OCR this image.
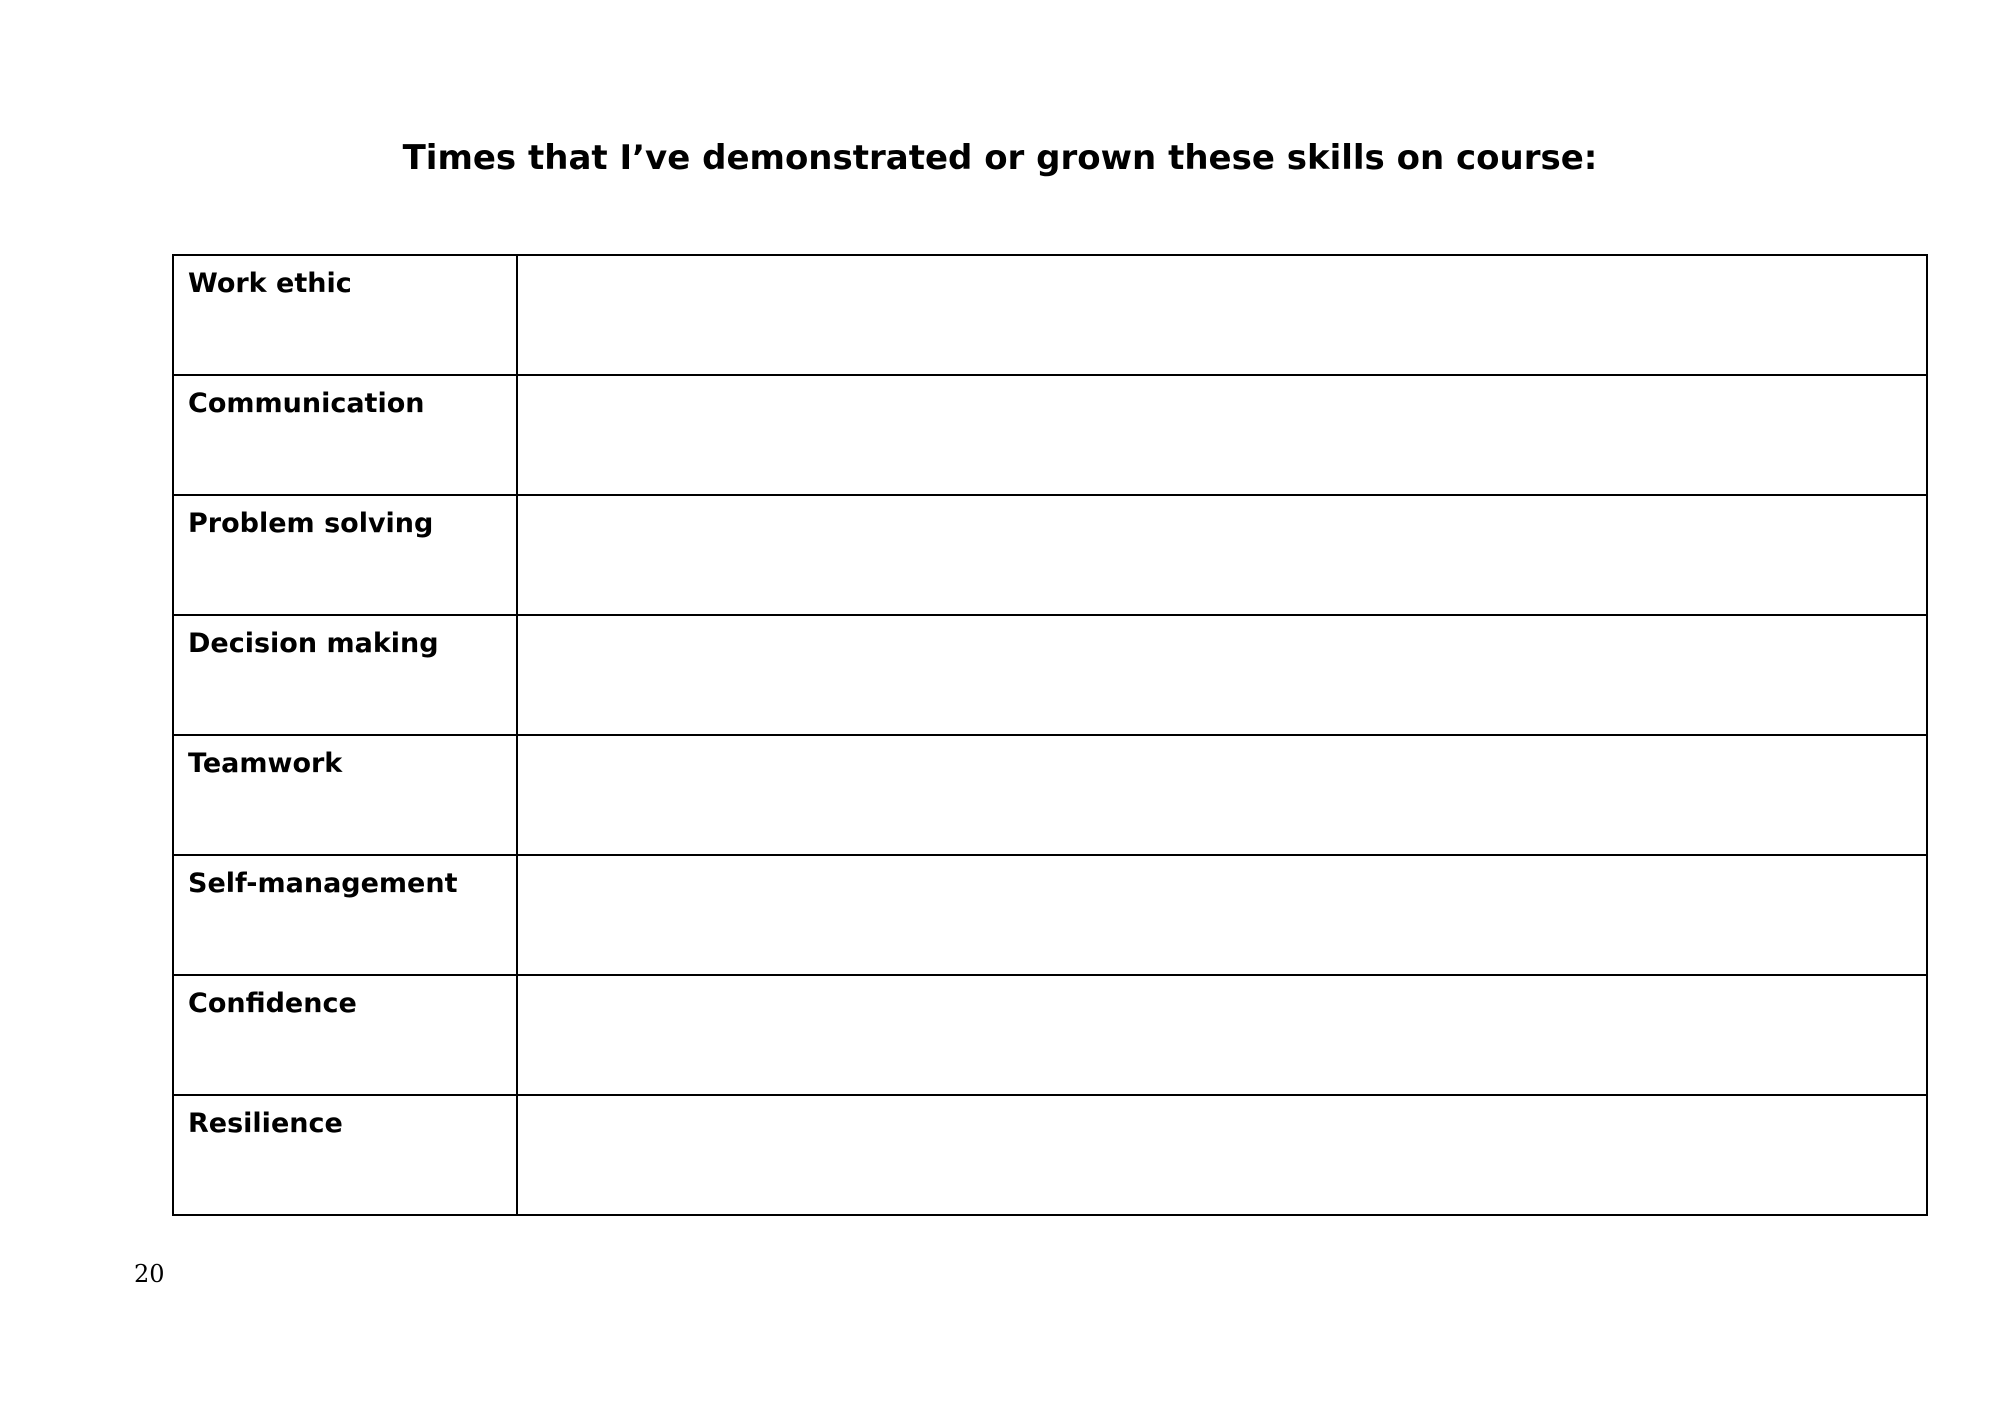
Times that I’ve demonstrated or grown these skills on course:
Work ethic	
Communication	
Problem solving	
Decision making	
Teamwork	
Self-management	
Confidence	
Resilience	
20
